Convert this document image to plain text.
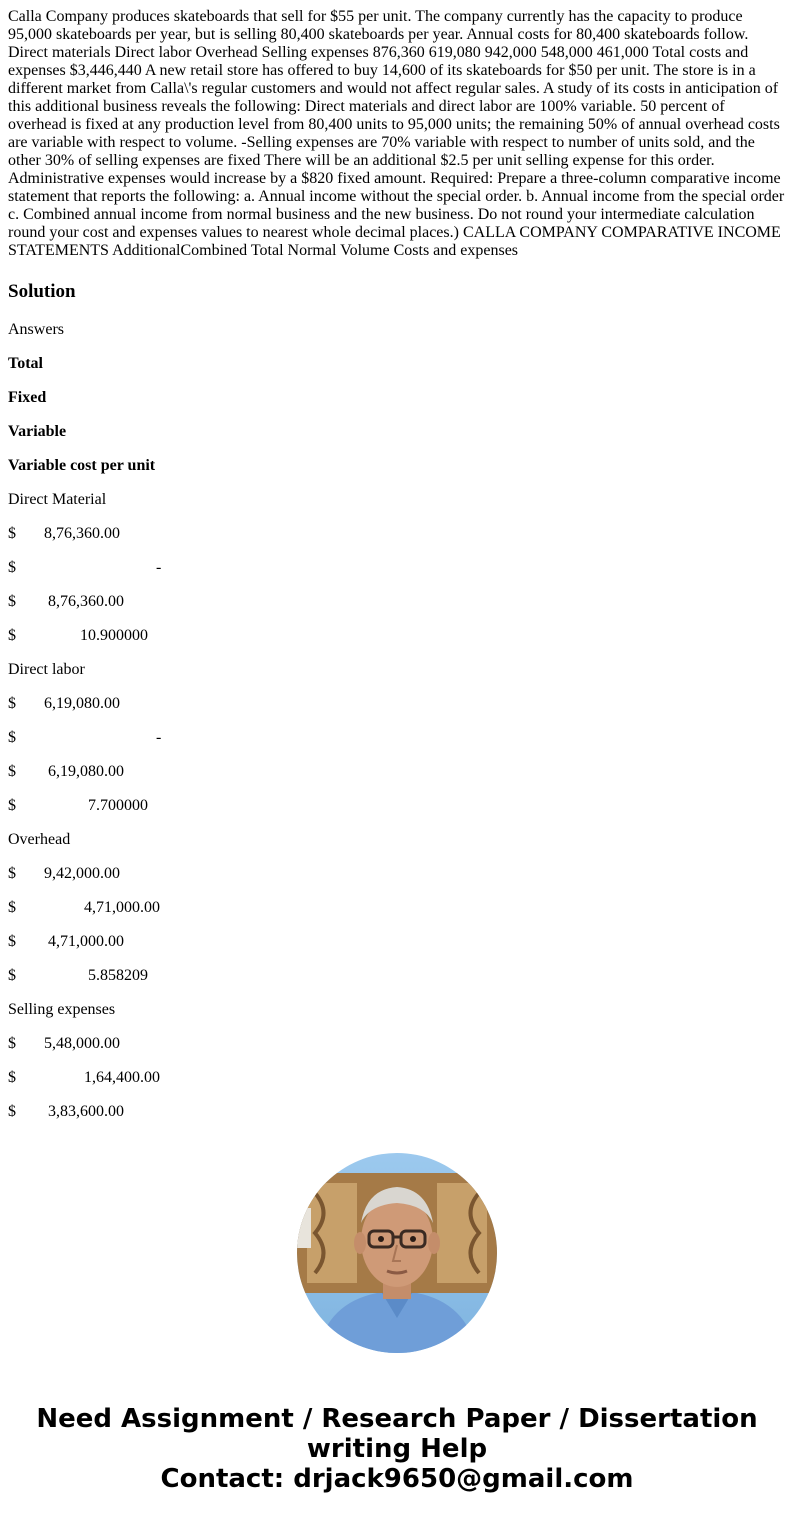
Calla Company produces skateboards that sell for $55 per unit. The company currently has the capacity to produce 95,000 skateboards per year, but is selling 80,400 skateboards per year. Annual costs for 80,400 skateboards follow. Direct materials Direct labor Overhead Selling expenses 876,360 619,080 942,000 548,000 461,000 Total costs and expenses $3,446,440 A new retail store has offered to buy 14,600 of its skateboards for $50 per unit. The store is in a different market from Calla\'s regular customers and would not affect regular sales. A study of its costs in anticipation of this additional business reveals the following: Direct materials and direct labor are 100% variable. 50 percent of overhead is fixed at any production level from 80,400 units to 95,000 units; the remaining 50% of annual overhead costs are variable with respect to volume. -Selling expenses are 70% variable with respect to number of units sold, and the other 30% of selling expenses are fixed There will be an additional $2.5 per unit selling expense for this order. Administrative expenses would increase by a $820 fixed amount. Required: Prepare a three-column comparative income statement that reports the following: a. Annual income without the special order. b. Annual income from the special order c. Combined annual income from normal business and the new business. Do not round your intermediate calculation round your cost and expenses values to nearest whole decimal places.) CALLA COMPANY COMPARATIVE INCOME STATEMENTS AdditionalCombined Total Normal Volume Costs and expenses
Solution
Answers
Total
Fixed
Variable
Variable cost per unit
Direct Material
$       8,76,360.00
$                                   -
$        8,76,360.00
$                10.900000
Direct labor
$       6,19,080.00
$                                   -
$        6,19,080.00
$                  7.700000
Overhead
$       9,42,000.00
$                 4,71,000.00
$        4,71,000.00
$                  5.858209
Selling expenses
$       5,48,000.00
$                 1,64,400.00
$        3,83,600.00
Need Assignment / Research Paper / Dissertation
writing Help
Contact: drjack9650@gmail.com
